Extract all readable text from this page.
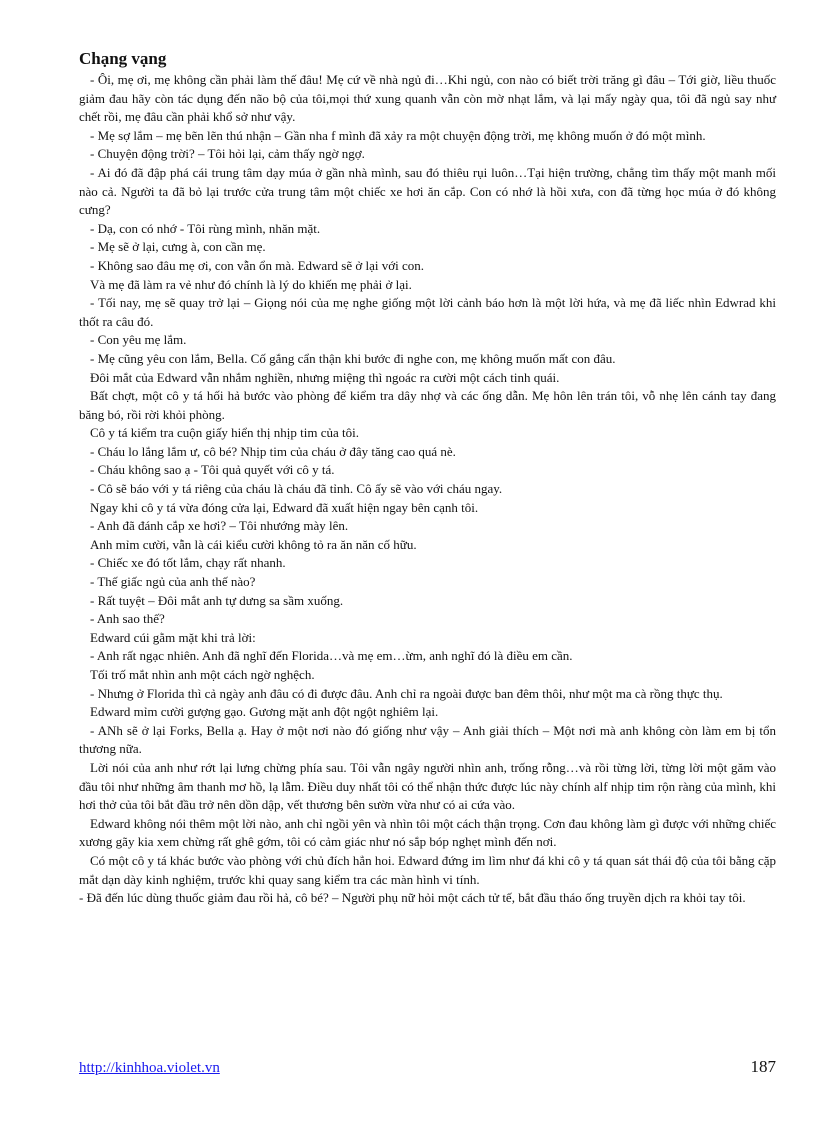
Chạng vạng

- Ôi, mẹ ơi, mẹ không cần phải làm thế đâu! Mẹ cứ về nhà ngủ đi…Khi ngủ, con nào có biết trời trăng gì đâu – Tới giờ, liều thuốc giảm đau hãy còn tác dụng đến não bộ của tôi,mọi thứ xung quanh vẫn còn mờ nhạt lắm, và lại mấy ngày qua, tôi đã ngủ say như chết rồi, mẹ đâu cần phải khổ sở như vậy.

- Mẹ sợ lắm – mẹ bẽn lẽn thú nhận – Gần nha f mình đã xảy ra một chuyện động trời, mẹ không muốn ở đó một mình.

- Chuyện động trời? – Tôi hỏi lại, cảm thấy ngờ ngợ.

- Ai đó đã đập phá cái trung tâm dạy múa ở gần nhà mình, sau đó thiêu rụi luôn…Tại hiện trường, chẳng tìm thấy một manh mối nào cả. Người ta đã bỏ lại trước cửa trung tâm một chiếc xe hơi ăn cắp. Con có nhớ là hồi xưa, con đã từng học múa ở đó không cưng?

- Dạ, con có nhớ - Tôi rùng mình, nhăn mặt.

- Mẹ sẽ ở lại, cưng à, con cần mẹ.

- Không sao đâu mẹ ơi, con vẫn ổn mà. Edward sẽ ở lại với con.

Và mẹ đã làm ra vẻ như đó chính là lý do khiến mẹ phải ở lại.

- Tối nay, mẹ sẽ quay trở lại – Giọng nói của mẹ nghe giống một lời cảnh báo hơn là một lời hứa, và mẹ đã liếc nhìn Edwrad khi thốt ra câu đó.

- Con yêu mẹ lắm.

- Mẹ cũng yêu con lắm, Bella. Cố gắng cẩn thận khi bước đi nghe con, mẹ không muốn mất con đâu.

Đôi mắt của Edward vẫn nhắm nghiền, nhưng miệng thì ngoác ra cười một cách tinh quái.

Bất chợt, một cô y tá hối hả bước vào phòng để kiểm tra dây nhợ và các ống dẫn. Mẹ hôn lên trán tôi, vỗ nhẹ lên cánh tay đang băng bó, rồi rời khỏi phòng.

Cô y tá kiểm tra cuộn giấy hiển thị nhịp tim của tôi.

- Cháu lo lắng lắm ư, cô bé? Nhịp tim của cháu ở đây tăng cao quá nè.

- Cháu không sao ạ - Tôi quả quyết với cô y tá.

- Cô sẽ báo với y tá riêng của cháu là cháu đã tỉnh. Cô ấy sẽ vào với cháu ngay.

Ngay khi cô y tá vừa đóng cửa lại, Edward đã xuất hiện ngay bên cạnh tôi.

- Anh đã đánh cắp xe hơi? – Tôi nhướng mày lên.

Anh mỉm cười, vẫn là cái kiểu cười không tỏ ra ăn năn cố hữu.

- Chiếc xe đó tốt lắm, chạy rất nhanh.

- Thế giấc ngủ của anh thế nào?

- Rất tuyệt – Đôi mắt anh tự dưng sa sầm xuống.

- Anh sao thế?

Edward cúi gằm mặt khi trả lời:

- Anh rất ngạc nhiên. Anh đã nghĩ đến Florida…và mẹ em…ừm, anh nghĩ đó là điều em cần.

Tối trố mắt nhìn anh một cách ngờ nghệch.

- Nhưng ở Florida thì cả ngày anh đâu có đi được đâu. Anh chỉ ra ngoài được ban đêm thôi, như một ma cà rồng thực thụ.

Edward mỉm cười gượng gạo. Gương mặt anh đột ngột nghiêm lại.

- ANh sẽ ở lại Forks, Bella ạ. Hay ở một nơi nào đó giống như vậy – Anh giải thích – Một nơi mà anh không còn làm em bị tổn thương nữa.

Lời nói của anh như rớt lại lưng chừng phía sau. Tôi vẫn ngây người nhìn anh, trống rỗng…và rồi từng lời, từng lời một găm vào đầu tôi như những âm thanh mơ hồ, lạ lẫm. Điều duy nhất tôi có thể nhận thức được lúc này chính alf nhịp tim rộn ràng của mình, khi hơi thở của tôi bắt đầu trở nên dồn dập, vết thương bên sườn vừa như có ai cứa vào.

Edward không nói thêm một lời nào, anh chỉ ngồi yên và nhìn tôi một cách thận trọng. Cơn đau không làm gì được với những chiếc xương gãy kia xem chừng rất ghê gớm, tôi có cảm giác như nó sắp bóp nghẹt mình đến nơi.

Có một cô y tá khác bước vào phòng với chủ đích hẳn hoi. Edward đứng im lìm như đá khi cô y tá quan sát thái độ của tôi bằng cặp mắt dạn dày kinh nghiệm, trước khi quay sang kiểm tra các màn hình vi tính.

- Đã đến lúc dùng thuốc giảm đau rồi hả, cô bé? – Người phụ nữ hỏi một cách tử tế, bắt đầu tháo ống truyền dịch ra khỏi tay tôi.

http://kinhhoa.violet.vn	187
